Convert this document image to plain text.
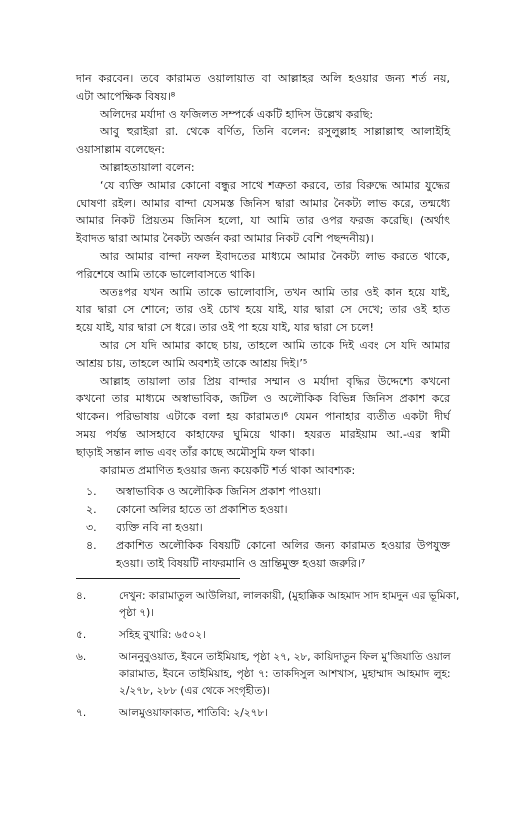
দান করবেন। তবে কারামত ওয়ালায়াত বা আল্লাহর অলি হওয়ার জন্য শর্ত নয়,
এটা আপেক্ষিক বিষয়।⁸
অলিদের মর্যাদা ও ফজিলত সম্পর্কে একটি হাদিস উল্লেখ করছি:
আবু হুরাইরা রা. থেকে বর্ণিত, তিনি বলেন: রসুলুল্লাহ সাল্লাল্লাহু আলাইহি
ওয়াসাল্লাম বলেছেন:
আল্লাহতায়ালা বলেন:
‘যে ব্যক্তি আমার কোনো বন্ধুর সাথে শত্রুতা করবে, তার বিরুদ্ধে আমার যুদ্ধের
ঘোষণা রইল। আমার বান্দা যেসমস্ত জিনিস দ্বারা আমার নৈকট্য লাভ করে, তন্মধ্যে
আমার নিকট প্রিয়তম জিনিস হলো, যা আমি তার ওপর ফরজ করেছি। (অর্থাৎ
ইবাদত দ্বারা আমার নৈকট্য অর্জন করা আমার নিকট বেশি পছন্দনীয়)।
আর আমার বান্দা নফল ইবাদতের মাধ্যমে আমার নৈকট্য লাভ করতে থাকে,
পরিশেষে আমি তাকে ভালোবাসতে থাকি।
অতঃপর যখন আমি তাকে ভালোবাসি, তখন আমি তার ওই কান হয়ে যাই,
যার দ্বারা সে শোনে; তার ওই চোখ হয়ে যাই, যার দ্বারা সে দেখে; তার ওই হাত
হয়ে যাই, যার দ্বারা সে ধরে। তার ওই পা হয়ে যাই, যার দ্বারা সে চলে!
আর সে যদি আমার কাছে চায়, তাহলে আমি তাকে দিই এবং সে যদি আমার
আশ্রয় চায়, তাহলে আমি অবশ্যই তাকে আশ্রয় দিই।’⁵
আল্লাহ তায়ালা তার প্রিয় বান্দার সম্মান ও মর্যাদা বৃদ্ধির উদ্দেশ্যে কখনো
কখনো তার মাধ্যমে অস্বাভাবিক, জটিল ও অলৌকিক বিভিন্ন জিনিস প্রকাশ করে
থাকেন। পরিভাষায় এটাকে বলা হয় কারামত।⁶ যেমন পানাহার ব্যতীত একটা দীর্ঘ
সময় পর্যন্ত আসহাবে কাহাফের ঘুমিয়ে থাকা। হযরত মারইয়াম আ.-এর স্বামী
ছাড়াই সন্তান লাভ এবং তাঁর কাছে অমৌসুমি ফল থাকা।
কারামত প্রমাণিত হওয়ার জন্য কয়েকটি শর্ত থাকা আবশ্যক:
১.	অস্বাভাবিক ও অলৌকিক জিনিস প্রকাশ পাওয়া।
২.	কোনো অলির হাতে তা প্রকাশিত হওয়া।
৩.	ব্যক্তি নবি না হওয়া।
৪.	প্রকাশিত অলৌকিক বিষয়টি কোনো অলির জন্য কারামত হওয়ার উপযুক্ত
হওয়া। তাই বিষয়টি নাফরমানি ও ভ্রান্তিমুক্ত হওয়া জরুরি।⁷
৪.	দেখুন: কারামাতুল আউলিয়া, লালকায়ী, (মুহাক্কিক আহমাদ সাদ হামদুন এর ভূমিকা,
পৃষ্ঠা ৭)।
৫.	সহিহ বুখারি: ৬৫০২।
৬.	আননুবুওয়াত, ইবনে তাইমিয়াহ, পৃষ্ঠা ২৭, ২৮, কায়িদাতুন ফিল মু'জিযাতি ওয়াল
কারামাত, ইবনে তাইমিয়াহ, পৃষ্ঠা ৭: তাকদিসুল আশখাস, মুহাম্মাদ আহমাদ লুহ:
২/২৭৮, ২৮৮ (এর থেকে সংগৃহীত)।
৭.	আলমুওয়াফাকাত, শাতিবি: ২/২৭৮।
